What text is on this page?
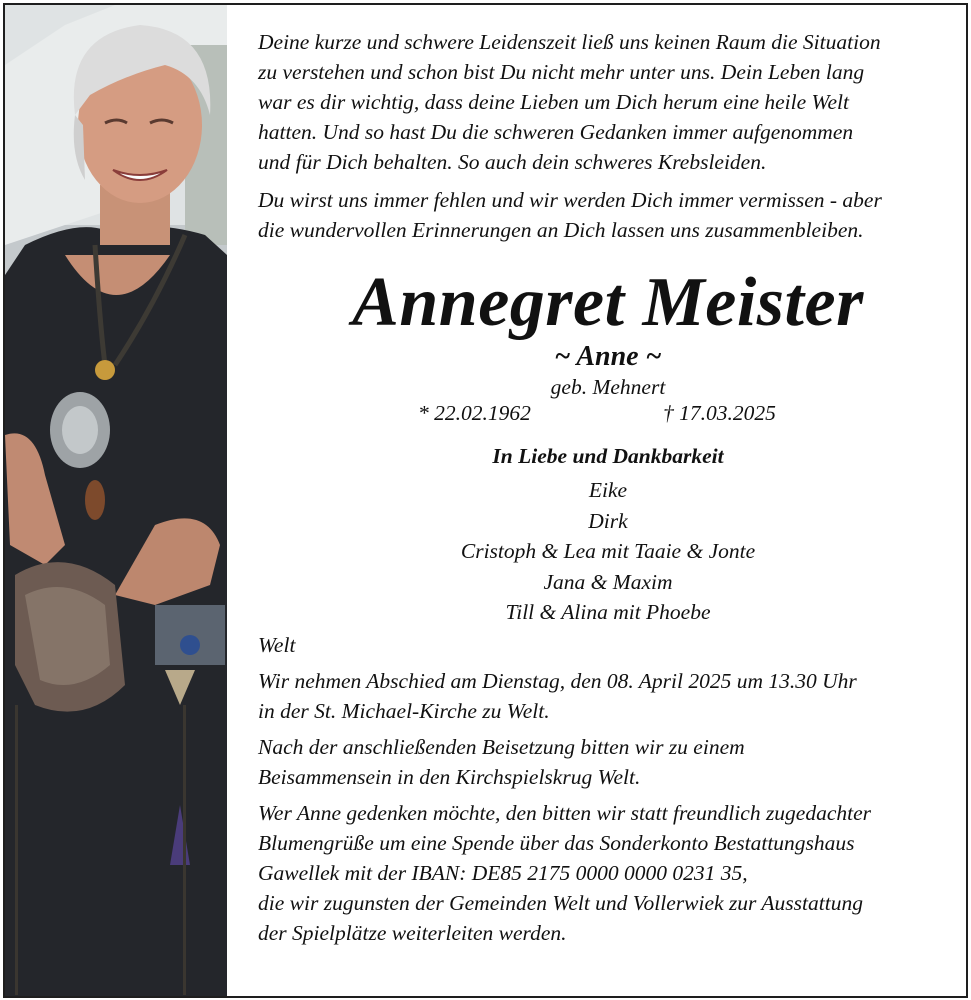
Deine kurze und schwere Leidenszeit ließ uns keinen Raum die Situation
zu verstehen und schon bist Du nicht mehr unter uns. Dein Leben lang
war es dir wichtig, dass deine Lieben um Dich herum eine heile Welt
hatten. Und so hast Du die schweren Gedanken immer aufgenommen
und für Dich behalten. So auch dein schweres Krebsleiden.

Du wirst uns immer fehlen und wir werden Dich immer vermissen - aber
die wundervollen Erinnerungen an Dich lassen uns zusammenbleiben.

Annegret Meister
~ Anne ~
geb. Mehnert
* 22.02.1962	† 17.03.2025
In Liebe und Dankbarkeit
Eike
Dirk
Cristoph & Lea mit Taaie & Jonte
Jana & Maxim
Till & Alina mit Phoebe

Welt

Wir nehmen Abschied am Dienstag, den 08. April 2025 um 13.30 Uhr
in der St. Michael-Kirche zu Welt.

Nach der anschließenden Beisetzung bitten wir zu einem
Beisammensein in den Kirchspielskrug Welt.

Wer Anne gedenken möchte, den bitten wir statt freundlich zugedachter
Blumengrüße um eine Spende über das Sonderkonto Bestattungshaus
Gawellek mit der IBAN: DE85 2175 0000 0000 0231 35,
die wir zugunsten der Gemeinden Welt und Vollerwiek zur Ausstattung
der Spielplätze weiterleiten werden.
